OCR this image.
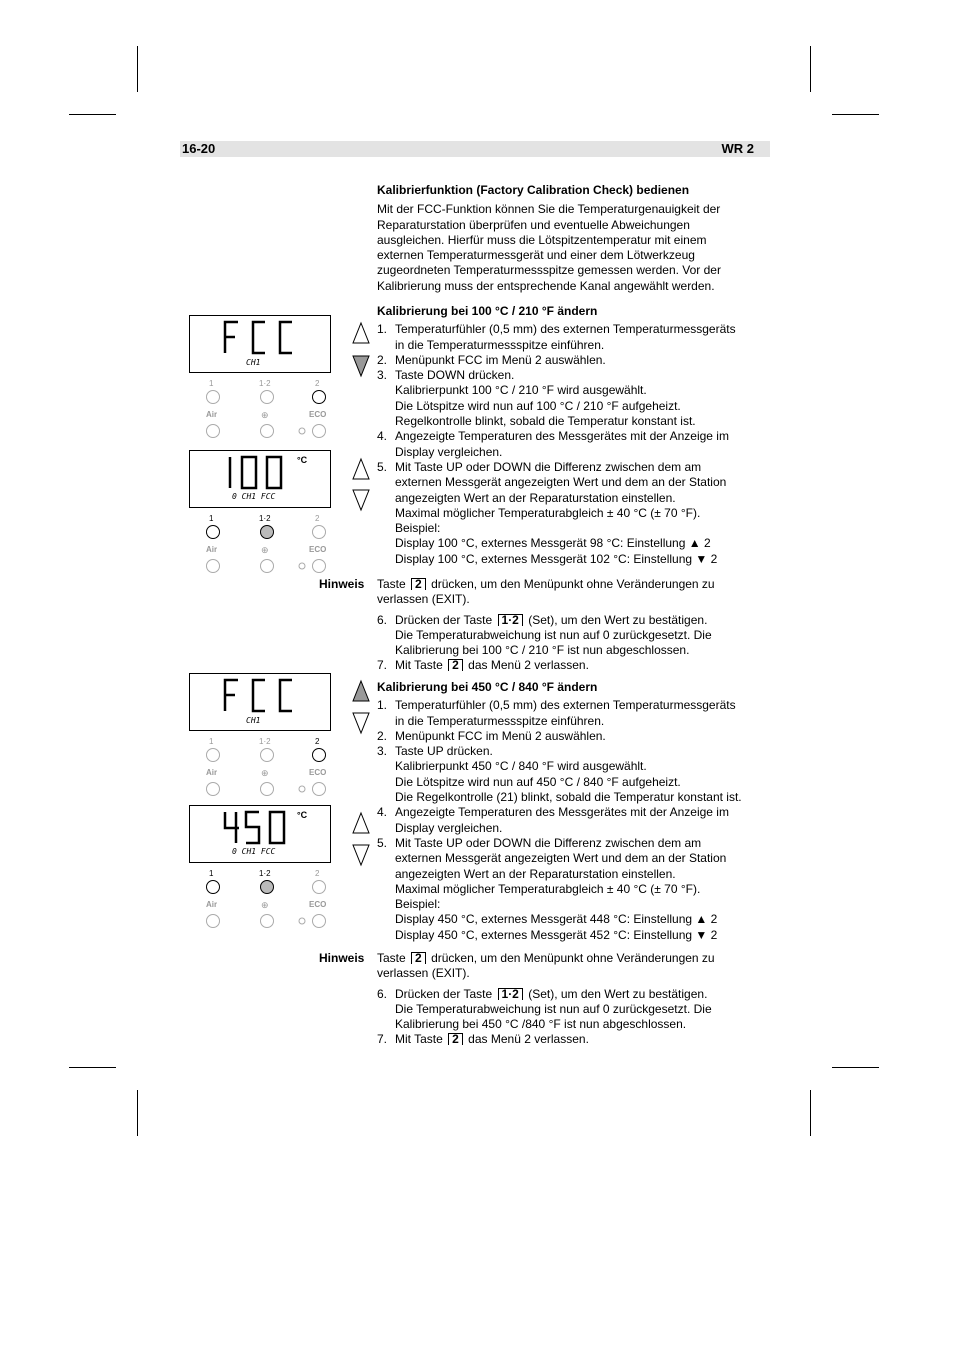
16-20	WR 2

Kalibrierfunktion (Factory Calibration Check) bedienen

Mit der FCC-Funktion können Sie die Temperaturgenauigkeit der

Reparaturstation überprüfen und eventuelle Abweichungen

ausgleichen. Hierfür muss die Lötspitzentemperatur mit einem

externen Temperaturmessgerät und einer dem Lötwerkzeug

zugeordneten Temperaturmessspitze gemessen werden. Vor der

Kalibrierung muss der entsprechende Kanal angewählt werden.

Kalibrierung bei 100 °C / 210 °F ändern

1. Temperaturfühler (0,5 mm) des externen Temperaturmessgeräts

in die Temperaturmessspitze einführen.

2. Menüpunkt FCC im Menü 2 auswählen.

3. Taste DOWN drücken.

Kalibrierpunkt 100 °C / 210 °F wird ausgewählt.

Die Lötspitze wird nun auf 100 °C / 210 °F aufgeheizt.

Regelkontrolle blinkt, sobald die Temperatur konstant ist.

4. Angezeigte Temperaturen des Messgerätes mit der Anzeige im

Display vergleichen.

5. Mit Taste UP oder DOWN die Differenz zwischen dem am

externen Messgerät angezeigten Wert und dem an der Station

angezeigten Wert an der Reparaturstation einstellen.

Maximal möglicher Temperaturabgleich ± 40 °C (± 70 °F).

Beispiel:

Display 100 °C, externes Messgerät 98 °C: Einstellung ▲ 2

Display 100 °C, externes Messgerät 102 °C: Einstellung ▼ 2

Hinweis Taste 2 drücken, um den Menüpunkt ohne Veränderungen zu

verlassen (EXIT).

6. Drücken der Taste 1·2 (Set), um den Wert zu bestätigen.

Die Temperaturabweichung ist nun auf 0 zurückgesetzt. Die

Kalibrierung bei 100 °C / 210 °F ist nun abgeschlossen.

7. Mit Taste 2 das Menü 2 verlassen.

Kalibrierung bei 450 °C / 840 °F ändern

1. Temperaturfühler (0,5 mm) des externen Temperaturmessgeräts

in die Temperaturmessspitze einführen.

2. Menüpunkt FCC im Menü 2 auswählen.

3. Taste UP drücken.

Kalibrierpunkt 450 °C / 840 °F wird ausgewählt.

Die Lötspitze wird nun auf 450 °C / 840 °F aufgeheizt.

Die Regelkontrolle (21) blinkt, sobald die Temperatur konstant ist.

4. Angezeigte Temperaturen des Messgerätes mit der Anzeige im

Display vergleichen.

5. Mit Taste UP oder DOWN die Differenz zwischen dem am

externen Messgerät angezeigten Wert und dem an der Station

angezeigten Wert an der Reparaturstation einstellen.

Maximal möglicher Temperaturabgleich ± 40 °C (± 70 °F).

Beispiel:

Display 450 °C, externes Messgerät 448 °C: Einstellung ▲ 2

Display 450 °C, externes Messgerät 452 °C: Einstellung ▼ 2

Hinweis Taste 2 drücken, um den Menüpunkt ohne Veränderungen zu

verlassen (EXIT).

6. Drücken der Taste 1·2 (Set), um den Wert zu bestätigen.

Die Temperaturabweichung ist nun auf 0 zurückgesetzt. Die

Kalibrierung bei 450 °C /840 °F ist nun abgeschlossen.

7. Mit Taste 2 das Menü 2 verlassen.

CH1
1	1·2	2
Air	ECO
⊕
°C
0 CH1 FCC
1	1·2	2
Air	ECO
⊕
CH1
1	1·2	2
Air	ECO
⊕
°C
0 CH1 FCC
1	1·2	2
Air	ECO
⊕
